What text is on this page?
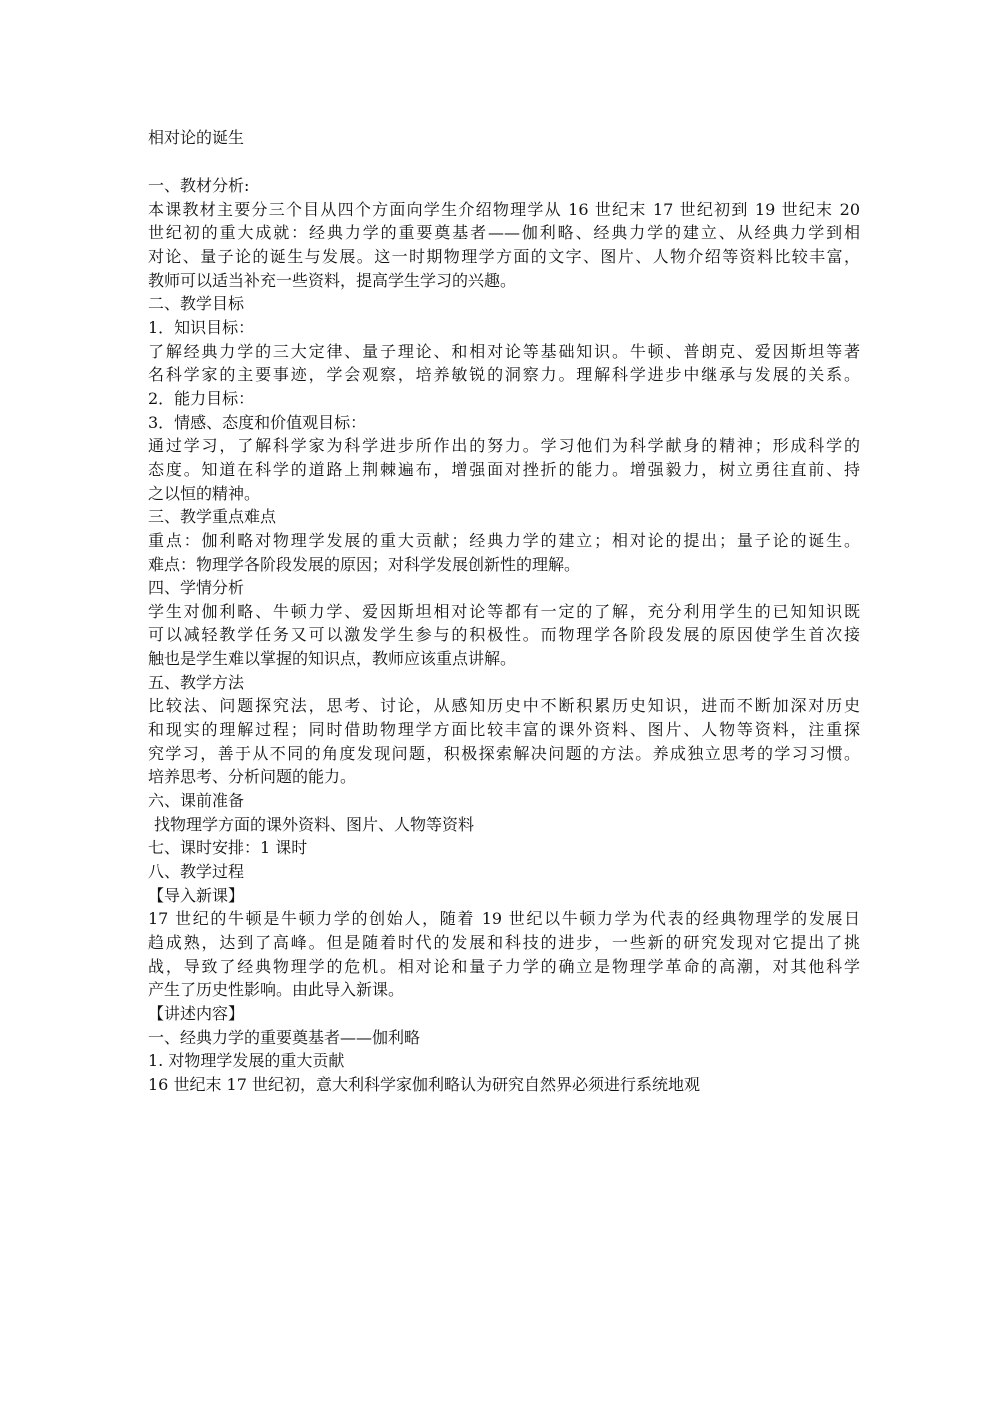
相对论的诞生
一、教材分析:
本课教材主要分三个目从四个方面向学生介绍物理学从 16 世纪末 17 世纪初到 19 世纪末 20
世纪初的重大成就：经典力学的重要奠基者——伽利略、经典力学的建立、从经典力学到相
对论、量子论的诞生与发展。这一时期物理学方面的文字、图片、人物介绍等资料比较丰富，
教师可以适当补充一些资料，提高学生学习的兴趣。
二、教学目标
1．知识目标：
了解经典力学的三大定律、量子理论、和相对论等基础知识。牛顿、普朗克、爱因斯坦等著
名科学家的主要事迹，学会观察，培养敏锐的洞察力。理解科学进步中继承与发展的关系。
2．能力目标：
3．情感、态度和价值观目标：
通过学习，了解科学家为科学进步所作出的努力。学习他们为科学献身的精神；形成科学的
态度。知道在科学的道路上荆棘遍布，增强面对挫折的能力。增强毅力，树立勇往直前、持
之以恒的精神。
三、教学重点难点
重点：伽利略对物理学发展的重大贡献；经典力学的建立；相对论的提出；量子论的诞生。
难点：物理学各阶段发展的原因；对科学发展创新性的理解。
四、学情分析
学生对伽利略、牛顿力学、爱因斯坦相对论等都有一定的了解，充分利用学生的已知知识既
可以减轻教学任务又可以激发学生参与的积极性。而物理学各阶段发展的原因使学生首次接
触也是学生难以掌握的知识点，教师应该重点讲解。
五、教学方法
比较法、问题探究法，思考、讨论，从感知历史中不断积累历史知识，进而不断加深对历史
和现实的理解过程；同时借助物理学方面比较丰富的课外资料、图片、人物等资料，注重探
究学习，善于从不同的角度发现问题，积极探索解决问题的方法。养成独立思考的学习习惯。
培养思考、分析问题的能力。
六、课前准备
找物理学方面的课外资料、图片、人物等资料
七、课时安排：1 课时
八、教学过程
【导入新课】
17 世纪的牛顿是牛顿力学的创始人，随着 19 世纪以牛顿力学为代表的经典物理学的发展日
趋成熟，达到了高峰。但是随着时代的发展和科技的进步，一些新的研究发现对它提出了挑
战，导致了经典物理学的危机。相对论和量子力学的确立是物理学革命的高潮，对其他科学
产生了历史性影响。由此导入新课。
【讲述内容】
一、经典力学的重要奠基者——伽利略
1. 对物理学发展的重大贡献
16 世纪末 17 世纪初，意大利科学家伽利略认为研究自然界必须进行系统地观
